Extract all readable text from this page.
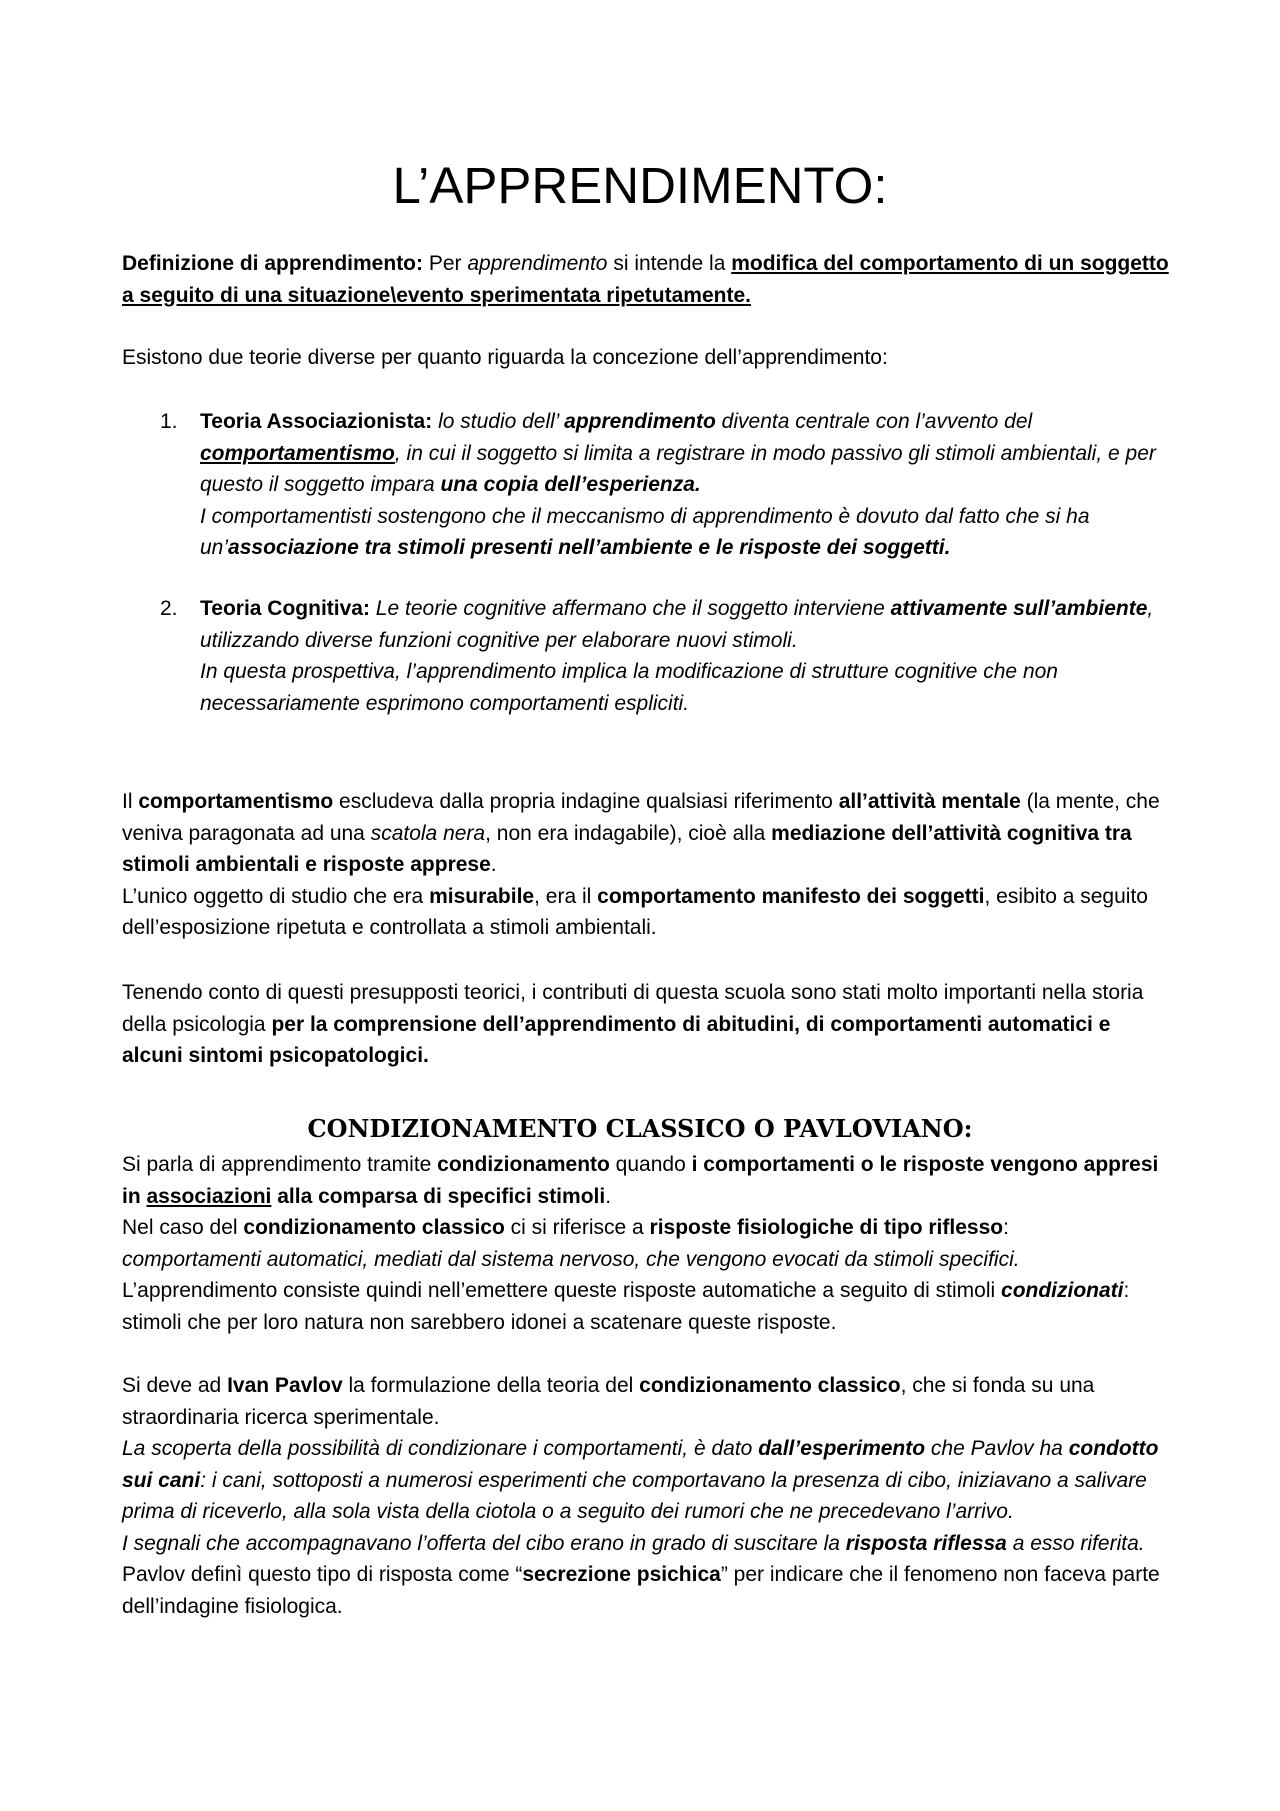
L’APPRENDIMENTO:

Definizione di apprendimento: Per apprendimento si intende la modifica del comportamento di un soggetto a seguito di una situazione\evento sperimentata ripetutamente.

Esistono due teorie diverse per quanto riguarda la concezione dell’apprendimento:

1. Teoria Associazionista: lo studio dell’ apprendimento diventa centrale con l’avvento del comportamentismo, in cui il soggetto si limita a registrare in modo passivo gli stimoli ambientali, e per questo il soggetto impara una copia dell’esperienza.

I comportamentisti sostengono che il meccanismo di apprendimento è dovuto dal fatto che si ha un’associazione tra stimoli presenti nell’ambiente e le risposte dei soggetti.

2. Teoria Cognitiva: Le teorie cognitive affermano che il soggetto interviene attivamente sull’ambiente, utilizzando diverse funzioni cognitive per elaborare nuovi stimoli.

In questa prospettiva, l’apprendimento implica la modificazione di strutture cognitive che non necessariamente esprimono comportamenti espliciti.

Il comportamentismo escludeva dalla propria indagine qualsiasi riferimento all’attività mentale (la mente, che veniva paragonata ad una scatola nera, non era indagabile), cioè alla mediazione dell’attività cognitiva tra stimoli ambientali e risposte apprese.

L’unico oggetto di studio che era misurabile, era il comportamento manifesto dei soggetti, esibito a seguito dell’esposizione ripetuta e controllata a stimoli ambientali.

Tenendo conto di questi presupposti teorici, i contributi di questa scuola sono stati molto importanti nella storia della psicologia per la comprensione dell’apprendimento di abitudini, di comportamenti automatici e alcuni sintomi psicopatologici.

CONDIZIONAMENTO CLASSICO O PAVLOVIANO:

Si parla di apprendimento tramite condizionamento quando i comportamenti o le risposte vengono appresi in associazioni alla comparsa di specifici stimoli.

Nel caso del condizionamento classico ci si riferisce a risposte fisiologiche di tipo riflesso:

comportamenti automatici, mediati dal sistema nervoso, che vengono evocati da stimoli specifici.

L’apprendimento consiste quindi nell’emettere queste risposte automatiche a seguito di stimoli condizionati: stimoli che per loro natura non sarebbero idonei a scatenare queste risposte.

Si deve ad Ivan Pavlov la formulazione della teoria del condizionamento classico, che si fonda su una straordinaria ricerca sperimentale.

La scoperta della possibilità di condizionare i comportamenti, è dato dall’esperimento che Pavlov ha condotto sui cani: i cani, sottoposti a numerosi esperimenti che comportavano la presenza di cibo, iniziavano a salivare prima di riceverlo, alla sola vista della ciotola o a seguito dei rumori che ne precedevano l’arrivo.

I segnali che accompagnavano l’offerta del cibo erano in grado di suscitare la risposta riflessa a esso riferita.

Pavlov definì questo tipo di risposta come “secrezione psichica” per indicare che il fenomeno non faceva parte dell’indagine fisiologica.
